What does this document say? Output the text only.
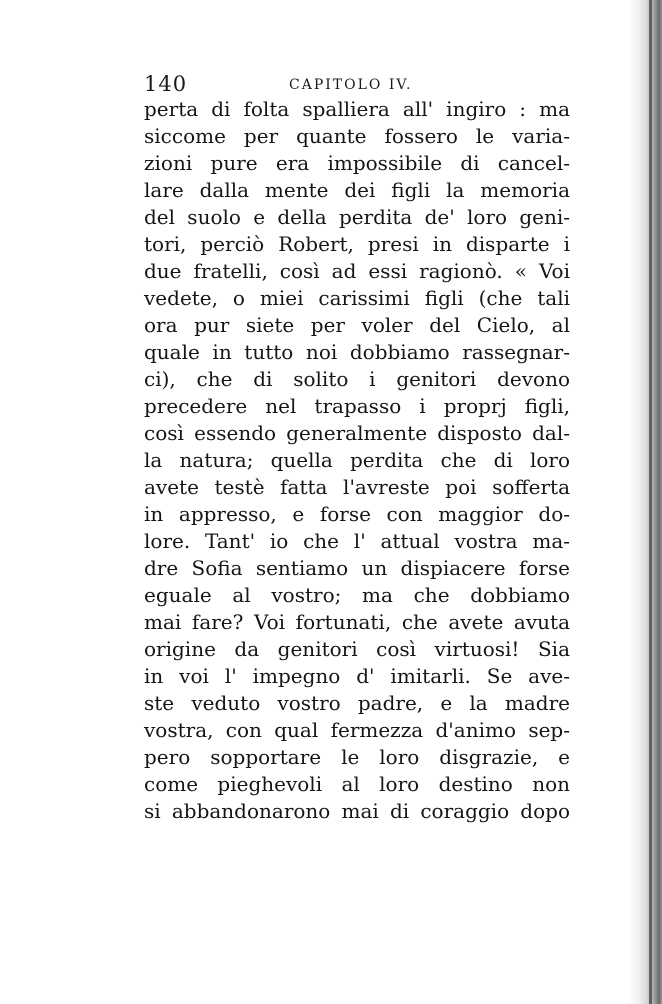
140	CAPITOLO IV.
perta di folta spalliera all' ingiro : ma
siccome per quante fossero le varia-
zioni pure era impossibile di cancel-
lare dalla mente dei figli la memoria
del suolo e della perdita de' loro geni-
tori, perciò Robert, presi in disparte i
due fratelli, così ad essi ragionò. « Voi
vedete, o miei carissimi figli (che tali
ora pur siete per voler del Cielo, al
quale in tutto noi dobbiamo rassegnar-
ci), che di solito i genitori devono
precedere nel trapasso i proprj figli,
così essendo generalmente disposto dal-
la natura; quella perdita che di loro
avete testè fatta l'avreste poi sofferta
in appresso, e forse con maggior do-
lore. Tant' io che l' attual vostra ma-
dre Sofia sentiamo un dispiacere forse
eguale al vostro; ma che dobbiamo
mai fare? Voi fortunati, che avete avuta
origine da genitori così virtuosi! Sia
in voi l' impegno d' imitarli. Se ave-
ste veduto vostro padre, e la madre
vostra, con qual fermezza d'animo sep-
pero sopportare le loro disgrazie, e
come pieghevoli al loro destino non
si abbandonarono mai di coraggio dopo
